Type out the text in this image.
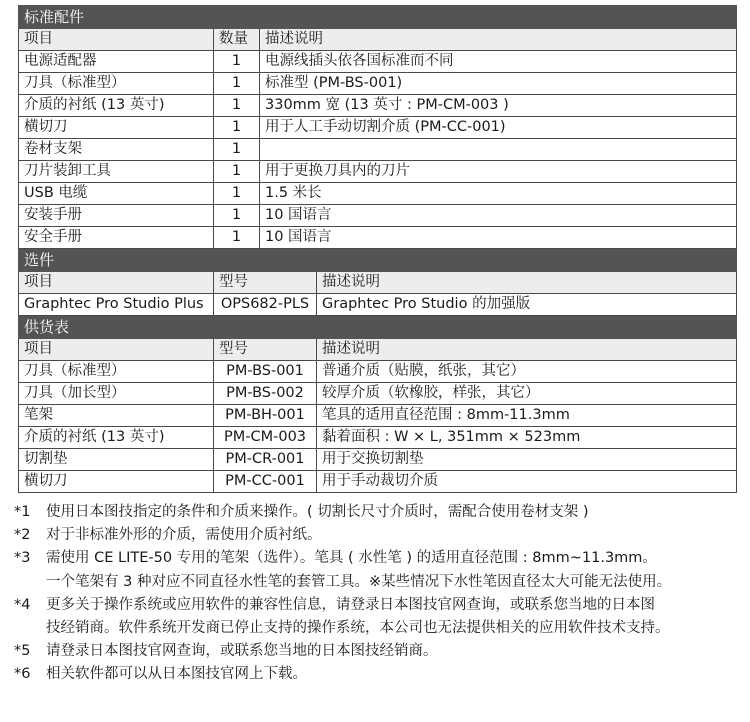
标准配件			
项目	数量	描述说明	
电源适配器	1	电源线插头依各国标准而不同	
刀具（标准型）	1	标准型 (PM-BS-001)	
介质的衬纸 (13 英寸)	1	330mm 宽 (13 英寸 : PM-CM-003 )	
横切刀	1	用于人工手动切割介质 (PM-CC-001)	
卷材支架	1		
刀片装卸工具	1	用于更换刀具内的刀片	
USB 电缆	1	1.5 米长	
安装手册	1	10 国语言	
安全手册	1	10 国语言	
选件			
项目	型号		描述说明
Graphtec Pro Studio Plus	OPS682-PLS		Graphtec Pro Studio 的加强版
供货表			
项目	型号		描述说明
刀具（标准型）	PM-BS-001		普通介质（贴膜，纸张，其它）
刀具（加长型）	PM-BS-002		较厚介质（软橡胶，样张，其它）
笔架	PM-BH-001		笔具的适用直径范围 : 8mm-11.3mm
介质的衬纸 (13 英寸)	PM-CM-003		黏着面积 : W × L, 351mm × 523mm
切割垫	PM-CR-001		用于交换切割垫
横切刀	PM-CC-001		用于手动裁切介质
*1	使用日本图技指定的条件和介质来操作。( 切割长尺寸介质时，需配合使用卷材支架 )
*2	对于非标准外形的介质，需使用介质衬纸。
*3	需使用 CE LITE-50 专用的笔架（选件）。笔具 ( 水性笔 ) 的适用直径范围 : 8mm~11.3mm。
一个笔架有 3 种对应不同直径水性笔的套管工具。※某些情况下水性笔因直径太大可能无法使用。
*4	更多关于操作系统或应用软件的兼容性信息，请登录日本图技官网查询，或联系您当地的日本图
技经销商。软件系统开发商已停止支持的操作系统，本公司也无法提供相关的应用软件技术支持。
*5	请登录日本图技官网查询，或联系您当地的日本图技经销商。
*6	相关软件都可以从日本图技官网上下载。
